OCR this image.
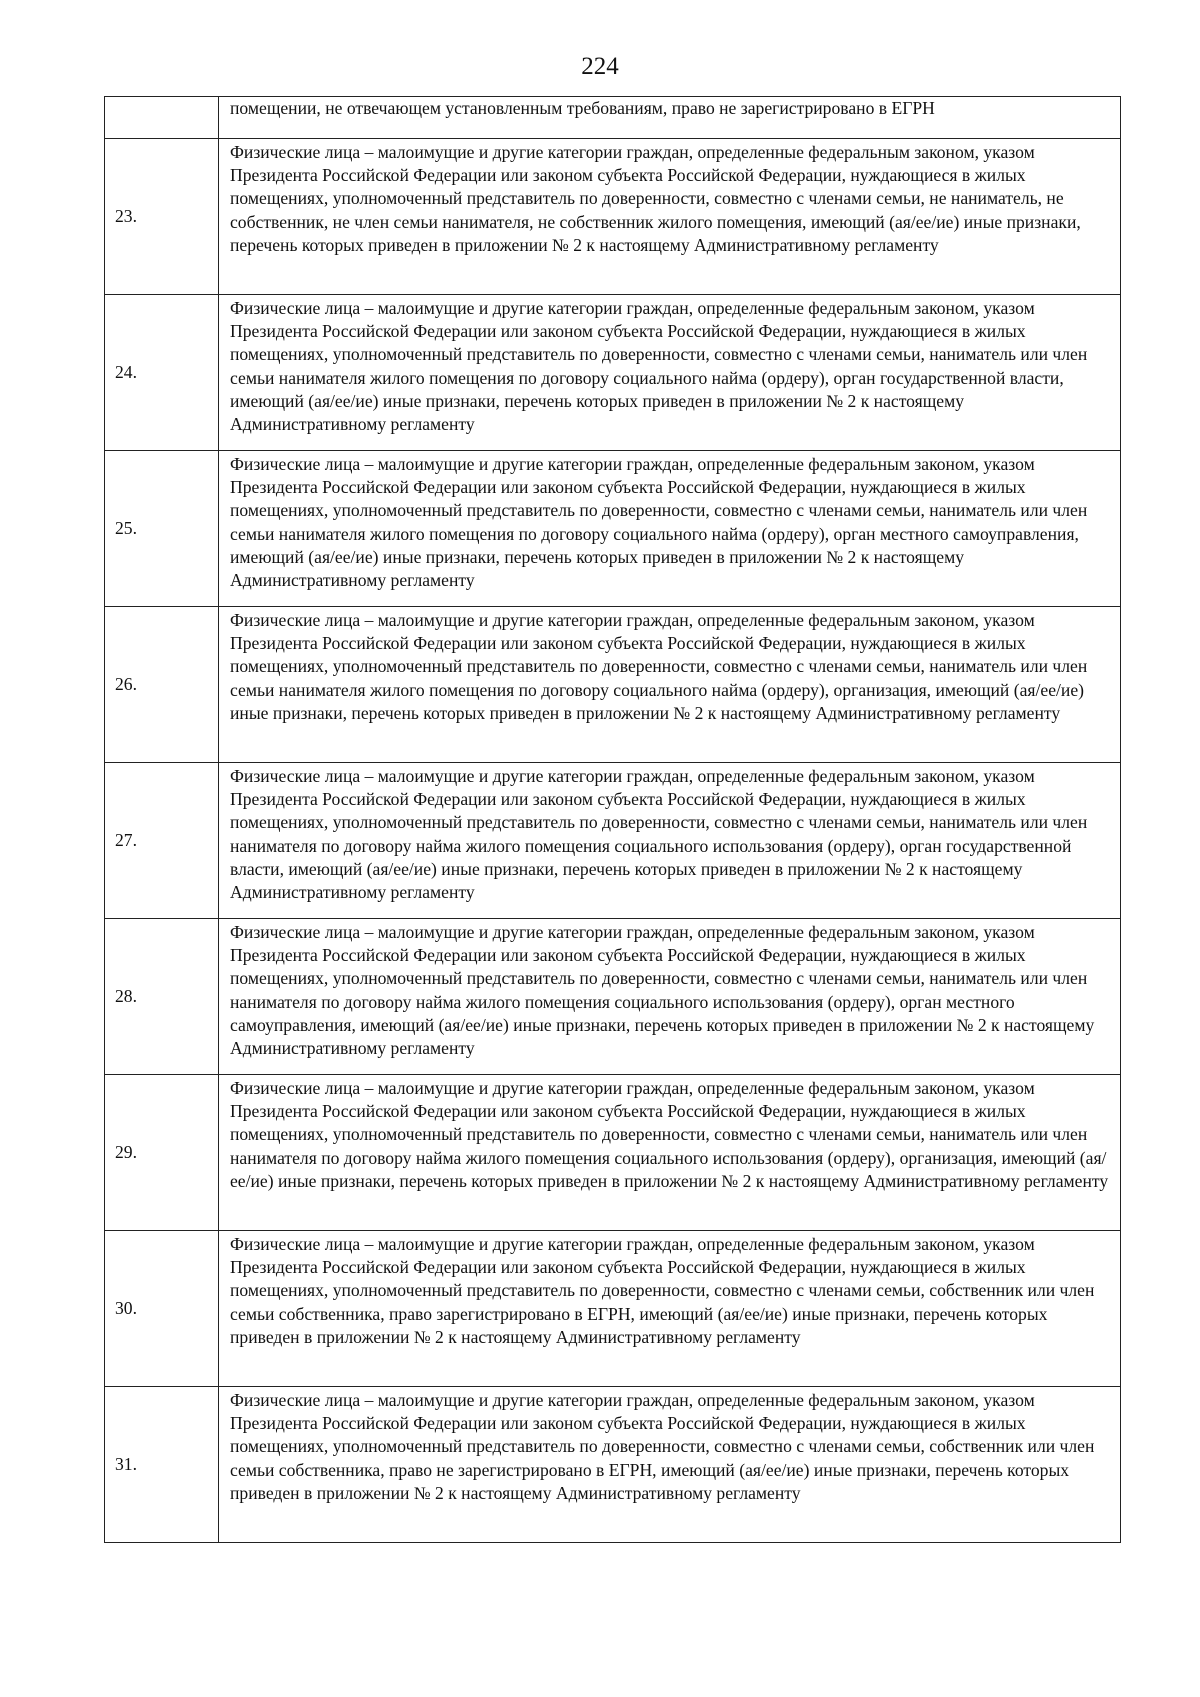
224

	помещении, не отвечающем установленным требованиям, право не зарегистрировано в ЕГРН

23.	Физические лица – малоимущие и другие категории граждан, определенные федеральным законом, указом Президента Российской Федерации или законом субъекта Российской Федерации, нуждающиеся в жилых помещениях, уполномоченный представитель по доверенности, совместно с членами семьи, не наниматель, не собственник, не член семьи нанимателя, не собственник жилого помещения, имеющий (ая/ее/ие) иные признаки, перечень которых приведен в приложении № 2 к настоящему Административному регламенту

24.	Физические лица – малоимущие и другие категории граждан, определенные федеральным законом, указом Президента Российской Федерации или законом субъекта Российской Федерации, нуждающиеся в жилых помещениях, уполномоченный представитель по доверенности, совместно с членами семьи, наниматель или член семьи нанимателя жилого помещения по договору социального найма (ордеру), орган государственной власти, имеющий (ая/ее/ие) иные признаки, перечень которых приведен в приложении № 2 к настоящему Административному регламенту

25.	Физические лица – малоимущие и другие категории граждан, определенные федеральным законом, указом Президента Российской Федерации или законом субъекта Российской Федерации, нуждающиеся в жилых помещениях, уполномоченный представитель по доверенности, совместно с членами семьи, наниматель или член семьи нанимателя жилого помещения по договору социального найма (ордеру), орган местного самоуправления, имеющий (ая/ее/ие) иные признаки, перечень которых приведен в приложении № 2 к настоящему Административному регламенту

26.	Физические лица – малоимущие и другие категории граждан, определенные федеральным законом, указом Президента Российской Федерации или законом субъекта Российской Федерации, нуждающиеся в жилых помещениях, уполномоченный представитель по доверенности, совместно с членами семьи, наниматель или член семьи нанимателя жилого помещения по договору социального найма (ордеру), организация, имеющий (ая/ее/ие) иные признаки, перечень которых приведен в приложении № 2 к настоящему Административному регламенту

27.	Физические лица – малоимущие и другие категории граждан, определенные федеральным законом, указом Президента Российской Федерации или законом субъекта Российской Федерации, нуждающиеся в жилых помещениях, уполномоченный представитель по доверенности, совместно с членами семьи, наниматель или член нанимателя по договору найма жилого помещения социального использования (ордеру), орган государственной власти, имеющий (ая/ее/ие) иные признаки, перечень которых приведен в приложении № 2 к настоящему Административному регламенту

28.	Физические лица – малоимущие и другие категории граждан, определенные федеральным законом, указом Президента Российской Федерации или законом субъекта Российской Федерации, нуждающиеся в жилых помещениях, уполномоченный представитель по доверенности, совместно с членами семьи, наниматель или член нанимателя по договору найма жилого помещения социального использования (ордеру), орган местного самоуправления, имеющий (ая/ее/ие) иные признаки, перечень которых приведен в приложении № 2 к настоящему Административному регламенту

29.	Физические лица – малоимущие и другие категории граждан, определенные федеральным законом, указом Президента Российской Федерации или законом субъекта Российской Федерации, нуждающиеся в жилых помещениях, уполномоченный представитель по доверенности, совместно с членами семьи, наниматель или член нанимателя по договору найма жилого помещения социального использования (ордеру), организация, имеющий (ая/ее/ие) иные признаки, перечень которых приведен в приложении № 2 к настоящему Административному регламенту

30.	Физические лица – малоимущие и другие категории граждан, определенные федеральным законом, указом Президента Российской Федерации или законом субъекта Российской Федерации, нуждающиеся в жилых помещениях, уполномоченный представитель по доверенности, совместно с членами семьи, собственник или член семьи собственника, право зарегистрировано в ЕГРН, имеющий (ая/ее/ие) иные признаки, перечень которых приведен в приложении № 2 к настоящему Административному регламенту

31.	Физические лица – малоимущие и другие категории граждан, определенные федеральным законом, указом Президента Российской Федерации или законом субъекта Российской Федерации, нуждающиеся в жилых помещениях, уполномоченный представитель по доверенности, совместно с членами семьи, собственник или член семьи собственника, право не зарегистрировано в ЕГРН, имеющий (ая/ее/ие) иные признаки, перечень которых приведен в приложении № 2 к настоящему Административному регламенту
